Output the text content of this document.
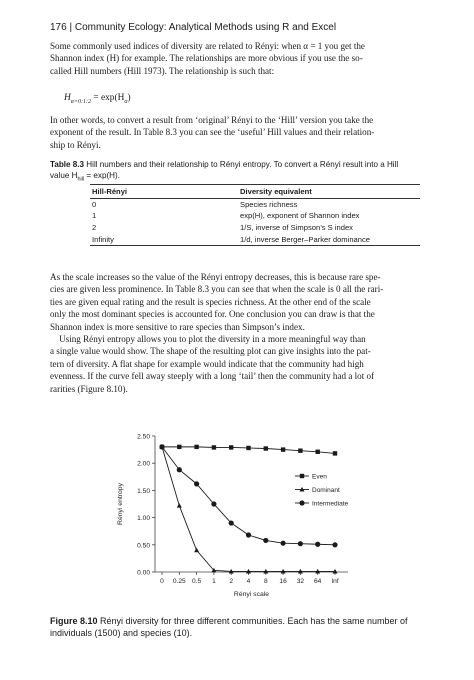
176 | Community Ecology: Analytical Methods using R and Excel

Some commonly used indices of diversity are related to Rényi: when α = 1 you get the
Shannon index (H) for example. The relationships are more obvious if you use the so-
called Hill numbers (Hill 1973). The relationship is such that:

$H_{\alpha=0:1:2} = \exp(H_\alpha)$

In other words, to convert a result from ‘original’ Rényi to the ‘Hill’ version you take the
exponent of the result. In Table 8.3 you can see the ‘useful’ Hill values and their relation-
ship to Rényi.

Table 8.3 Hill numbers and their relationship to Rényi entropy. To convert a Rényi result into a Hill
value $H_{hill} = \exp(H)$.
Hill-Rényi	Diversity equivalent
0	Species richness
1	exp(H), exponent of Shannon index
2	1/S, inverse of Simpson’s S index
Infinity	1/d, inverse Berger–Parker dominance

As the scale increases so the value of the Rényi entropy decreases, this is because rare spe-
cies are given less prominence. In Table 8.3 you can see that when the scale is 0 all the rari-
ties are given equal rating and the result is species richness. At the other end of the scale
only the most dominant species is accounted for. One conclusion you can draw is that the
Shannon index is more sensitive to rare species than Simpson’s index.
Using Rényi entropy allows you to plot the diversity in a more meaningful way than
a single value would show. The shape of the resulting plot can give insights into the pat-
tern of diversity. A flat shape for example would indicate that the community had high
evenness. If the curve fell away steeply with a long ‘tail’ then the community had a lot of
rarities (Figure 8.10).

0.00
0.50
1.00
1.50
2.00
2.50
0 0.25 0.5 1 2 4 8 16 32 64 Inf
Rényi scale
Rényi entropy
Even
Dominant
Intermediate
Figure 8.10 Rényi diversity for three different communities. Each has the same number of
individuals (1500) and species (10).
